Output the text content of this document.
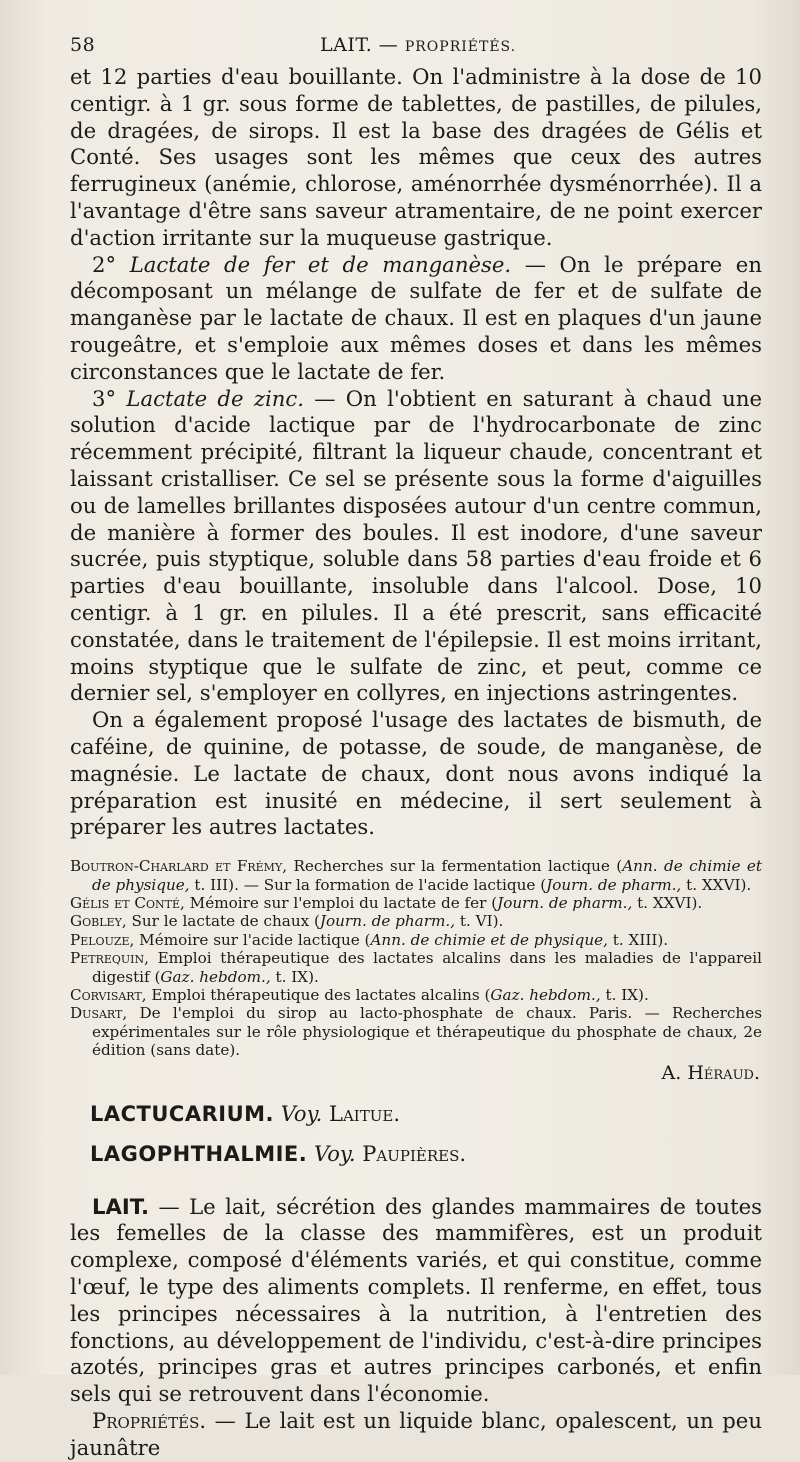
58	LAIT. — PROPRIÉTÉS.

et 12 parties d'eau bouillante. On l'administre à la dose de 10 centigr. à 1 gr. sous forme de tablettes, de pastilles, de pilules, de dragées, de sirops. Il est la base des dragées de Gélis et Conté. Ses usages sont les mêmes que ceux des autres ferrugineux (anémie, chlorose, aménorrhée dysménorrhée). Il a l'avantage d'être sans saveur atramentaire, de ne point exercer d'action irritante sur la muqueuse gastrique.

2° Lactate de fer et de manganèse. — On le prépare en décomposant un mélange de sulfate de fer et de sulfate de manganèse par le lactate de chaux. Il est en plaques d'un jaune rougeâtre, et s'emploie aux mêmes doses et dans les mêmes circonstances que le lactate de fer.

3° Lactate de zinc. — On l'obtient en saturant à chaud une solution d'acide lactique par de l'hydrocarbonate de zinc récemment précipité, filtrant la liqueur chaude, concentrant et laissant cristalliser. Ce sel se présente sous la forme d'aiguilles ou de lamelles brillantes disposées autour d'un centre commun, de manière à former des boules. Il est inodore, d'une saveur sucrée, puis styptique, soluble dans 58 parties d'eau froide et 6 parties d'eau bouillante, insoluble dans l'alcool. Dose, 10 centigr. à 1 gr. en pilules. Il a été prescrit, sans efficacité constatée, dans le traitement de l'épilepsie. Il est moins irritant, moins styptique que le sulfate de zinc, et peut, comme ce dernier sel, s'employer en collyres, en injections astringentes.

On a également proposé l'usage des lactates de bismuth, de caféine, de quinine, de potasse, de soude, de manganèse, de magnésie. Le lactate de chaux, dont nous avons indiqué la préparation est inusité en médecine, il sert seulement à préparer les autres lactates.

Boutron-Charlard et Frémy, Recherches sur la fermentation lactique (Ann. de chimie et de physique, t. III). — Sur la formation de l'acide lactique (Journ. de pharm., t. XXVI).

Gélis et Conté, Mémoire sur l'emploi du lactate de fer (Journ. de pharm., t. XXVI).

Gobley, Sur le lactate de chaux (Journ. de pharm., t. VI).

Pelouze, Mémoire sur l'acide lactique (Ann. de chimie et de physique, t. XIII).

Petrequin, Emploi thérapeutique des lactates alcalins dans les maladies de l'appareil digestif (Gaz. hebdom., t. IX).

Corvisart, Emploi thérapeutique des lactates alcalins (Gaz. hebdom., t. IX).

Dusart, De l'emploi du sirop au lacto-phosphate de chaux. Paris. — Recherches expérimentales sur le rôle physiologique et thérapeutique du phosphate de chaux, 2e édition (sans date).

A. Héraud.
LACTUCARIUM. Voy. Laitue.
LAGOPHTHALMIE. Voy. Paupières.

LAIT. — Le lait, sécrétion des glandes mammaires de toutes les femelles de la classe des mammifères, est un produit complexe, composé d'éléments variés, et qui constitue, comme l'œuf, le type des aliments complets. Il renferme, en effet, tous les principes nécessaires à la nutrition, à l'entretien des fonctions, au développement de l'individu, c'est-à-dire principes azotés, principes gras et autres principes carbonés, et enfin sels qui se retrouvent dans l'économie.

Propriétés. — Le lait est un liquide blanc, opalescent, un peu jaunâtre
